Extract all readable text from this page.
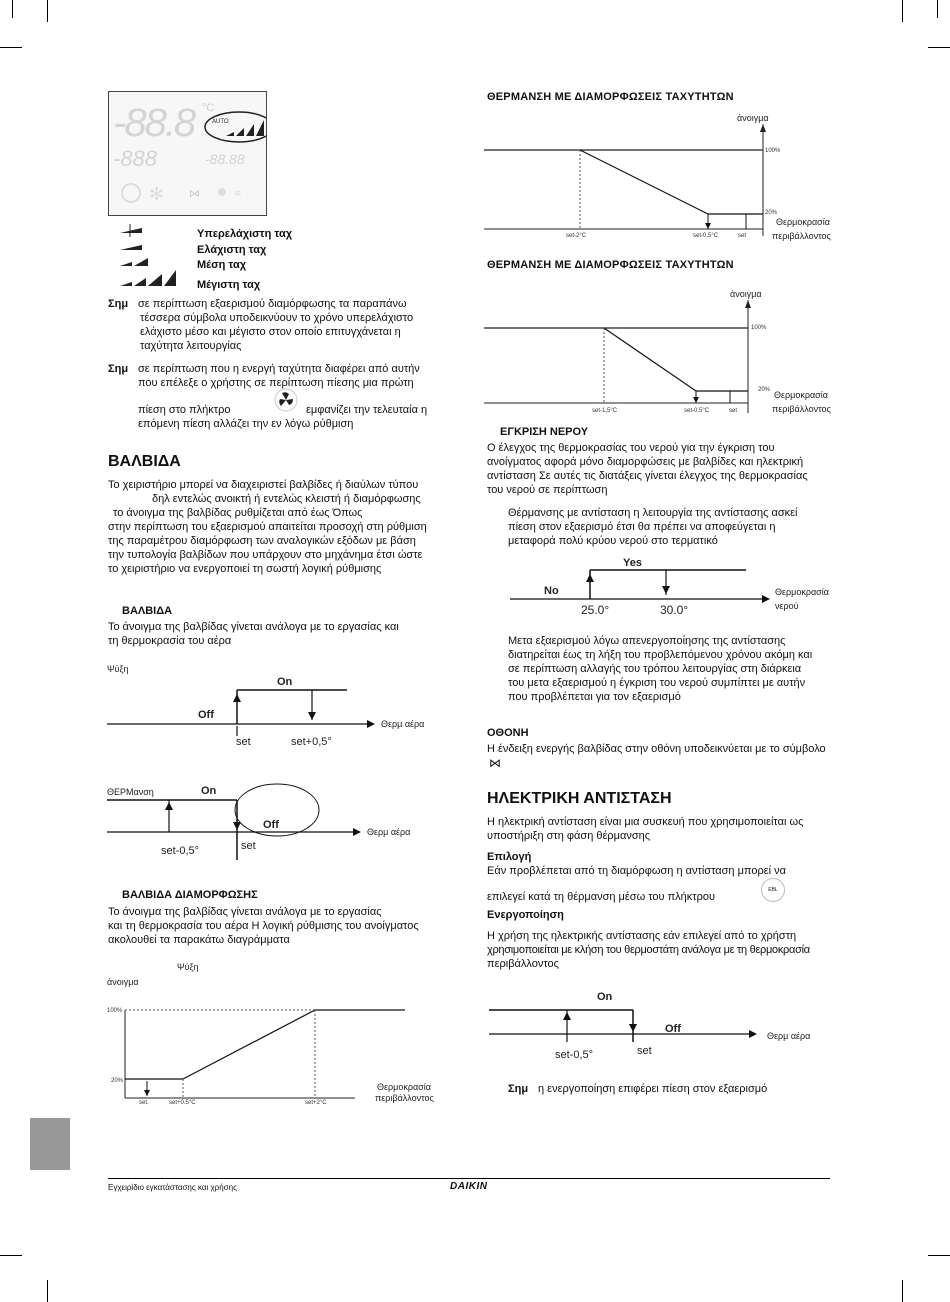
-88.8 °C
AUTO
-888	-88.88
✻ ⋈	≋
Υπερελάχιστη ταχ
Ελάχιστη ταχ
Μέση ταχ
Μέγιστη ταχ
Σημ σε περίπτωση εξαερισμού διαμόρφωσης τα παραπάνω
τέσσερα σύμβολα υποδεικνύουν το χρόνο υπερελάχιστο
ελάχιστο μέσο και μέγιστο στον οποίο επιτυγχάνεται η
ταχύτητα λειτουργίας
Σημ σε περίπτωση που η ενεργή ταχύτητα διαφέρει από αυτήν
που επέλεξε ο χρήστης σε περίπτωση πίεσης μια πρώτη
πίεση στο πλήκτρο	εμφανίζει την τελευταία η
επόμενη πίεση αλλάζει την εν λόγω ρύθμιση
ΒΑΛΒΙΔΑ
Το χειριστήριο μπορεί να διαχειριστεί βαλβίδες ή διαύλων τύπου
δηλ εντελώς ανοικτή ή εντελώς κλειστή ή διαμόρφωσης
το άνοιγμα της βαλβίδας ρυθμίζεται από έως Όπως
στην περίπτωση του εξαερισμού απαιτείται προσοχή στη ρύθμιση
της παραμέτρου διαμόρφωση των αναλογικών εξόδων με βάση
την τυπολογία βαλβίδων που υπάρχουν στο μηχάνημα έτσι ώστε
το χειριστήριο να ενεργοποιεί τη σωστή λογική ρύθμισης
ΒΑΛΒΙΔΑ
Το άνοιγμα της βαλβίδας γίνεται ανάλογα με το εργασίας και
τη θερμοκρασία του αέρα
Ψύξη
On
Off
set	set+0,5°
Θερμ αέρα
ΘΕΡΜανση	On
Off
set-0,5°	set
Θερμ αέρα
ΒΑΛΒΙΔΑ ΔΙΑΜΟΡΦΩΣΗΣ
Το άνοιγμα της βαλβίδας γίνεται ανάλογα με το εργασίας
και τη θερμοκρασία του αέρα Η λογική ρύθμισης του ανοίγματος
ακολουθεί τα παρακάτω διαγράμματα
Ψύξη
άνοιγμα
100%
20%
set.	set+0.5°C	set+2°C
Θερμοκρασία
περιβάλλοντος
ΘΕΡΜΑΝΣΗ ΜΕ ΔΙΑΜΟΡΦΩΣΕΙΣ ΤΑΧΥΤΗΤΩΝ
άνοιγμα
100%
20%
set-2°C	set-0.5°C	set
Θερμοκρασία
περιβάλλοντος
ΘΕΡΜΑΝΣΗ ΜΕ ΔΙΑΜΟΡΦΩΣΕΙΣ ΤΑΧΥΤΗΤΩΝ
άνοιγμα
100%
20%
set-1,5°C	set-0.5°C	set
Θερμοκρασία
περιβάλλοντος
ΕΓΚΡΙΣΗ ΝΕΡΟΥ
Ο έλεγχος της θερμοκρασίας του νερού για την έγκριση του
ανοίγματος αφορά μόνο διαμορφώσεις με βαλβίδες και ηλεκτρική
αντίσταση Σε αυτές τις διατάξεις γίνεται έλεγχος της θερμοκρασίας
του νερού σε περίπτωση
Θέρμανσης με αντίσταση η λειτουργία της αντίστασης ασκεί
πίεση στον εξαερισμό έτσι θα πρέπει να αποφεύγεται η
μεταφορά πολύ κρύου νερού στο τερματικό
Yes
No
25.0°	30.0°
Θερμοκρασία
νερού
Μετα εξαερισμού λόγω απενεργοποίησης της αντίστασης
διατηρείται έως τη λήξη του προβλεπόμενου χρόνου ακόμη και
σε περίπτωση αλλαγής του τρόπου λειτουργίας στη διάρκεια
του μετα εξαερισμού η έγκριση του νερού συμπίπτει με αυτήν
που προβλέπεται για τον εξαερισμό
ΟΘΟΝΗ
Η ένδειξη ενεργής βαλβίδας στην οθόνη υποδεικνύεται με το σύμβολο
⋈
ΗΛΕΚΤΡΙΚΗ ΑΝΤΙΣΤΑΣΗ
Η ηλεκτρική αντίσταση είναι μια συσκευή που χρησιμοποιείται ως
υποστήριξη στη φάση θέρμανσης
Επιλογή
Εάν προβλέπεται από τη διαμόρφωση η αντίσταση μπορεί να
επιλεγεί κατά τη θέρμανση μέσω του πλήκτρου
EBL
Ενεργοποίηση
Η χρήση της ηλεκτρικής αντίστασης εάν επιλεγεί από το χρήστη
χρησιμοποιείται με κλήση του θερμοστάτη ανάλογα με τη θερμοκρασία
περιβάλλοντος
On
Off
set-0,5°	set
Θερμ αέρα
Σημ η ενεργοποίηση επιφέρει πίεση στον εξαερισμό
Εγχειρίδιο εγκατάστασης και χρήσης	DAIKIN
